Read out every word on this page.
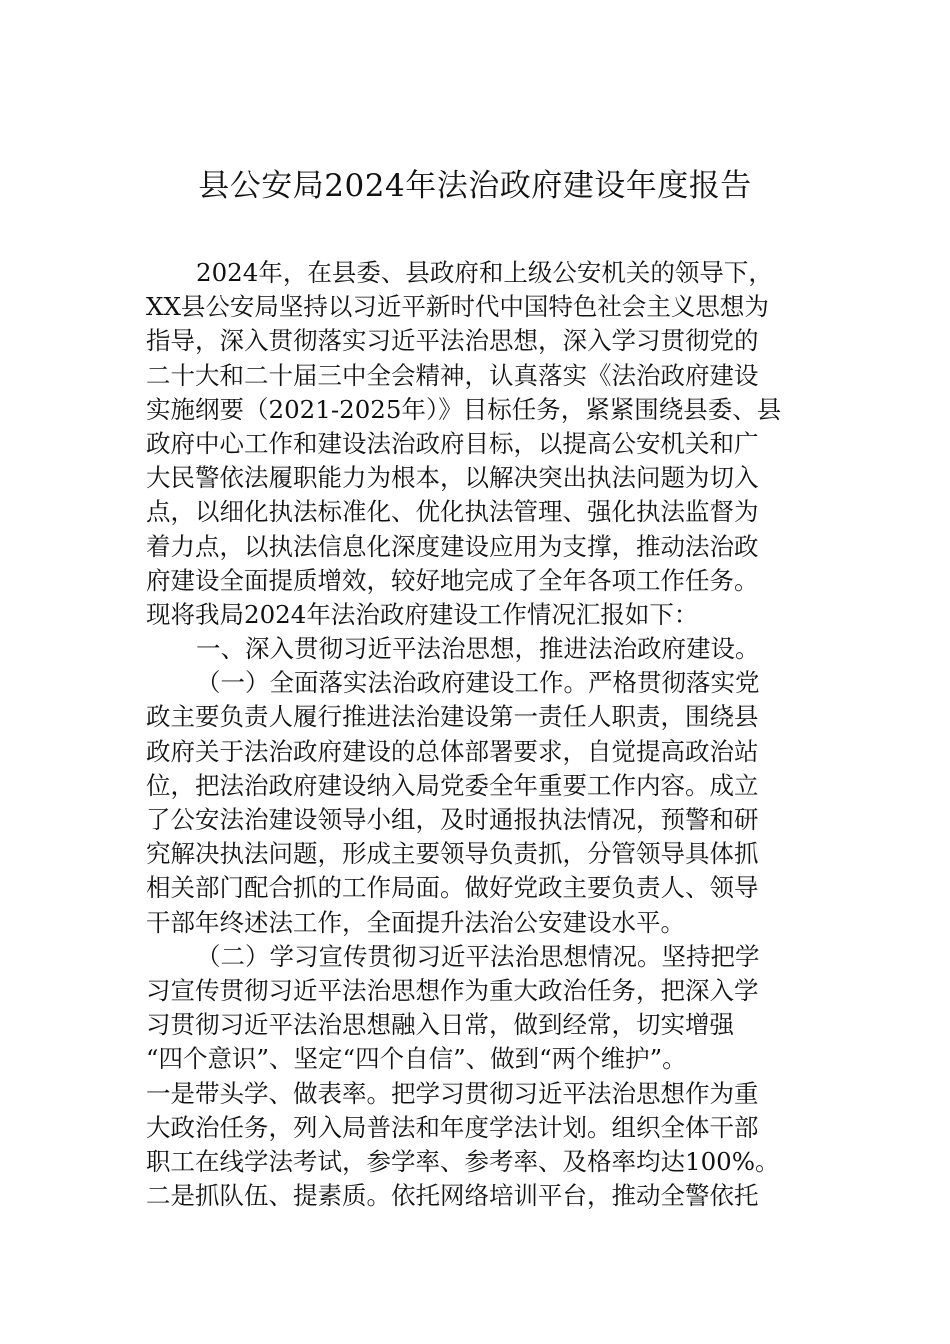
县公安局2024年法治政府建设年度报告
2024年，在县委、县政府和上级公安机关的领导下，
XX县公安局坚持以习近平新时代中国特色社会主义思想为
指导，深入贯彻落实习近平法治思想，深入学习贯彻党的
二十大和二十届三中全会精神，认真落实《法治政府建设
实施纲要（2021-2025年）》目标任务，紧紧围绕县委、县
政府中心工作和建设法治政府目标，以提高公安机关和广
大民警依法履职能力为根本，以解决突出执法问题为切入
点，以细化执法标准化、优化执法管理、强化执法监督为
着力点，以执法信息化深度建设应用为支撑，推动法治政
府建设全面提质增效，较好地完成了全年各项工作任务。
现将我局2024年法治政府建设工作情况汇报如下：
一、深入贯彻习近平法治思想，推进法治政府建设。
（一）全面落实法治政府建设工作。严格贯彻落实党
政主要负责人履行推进法治建设第一责任人职责，围绕县
政府关于法治政府建设的总体部署要求，自觉提高政治站
位，把法治政府建设纳入局党委全年重要工作内容。成立
了公安法治建设领导小组，及时通报执法情况，预警和研
究解决执法问题，形成主要领导负责抓，分管领导具体抓
相关部门配合抓的工作局面。做好党政主要负责人、领导
干部年终述法工作，全面提升法治公安建设水平。
（二）学习宣传贯彻习近平法治思想情况。坚持把学
习宣传贯彻习近平法治思想作为重大政治任务，把深入学
习贯彻习近平法治思想融入日常，做到经常，切实增强
“四个意识”、坚定“四个自信”、做到“两个维护”。
一是带头学、做表率。把学习贯彻习近平法治思想作为重
大政治任务，列入局普法和年度学法计划。组织全体干部
职工在线学法考试，参学率、参考率、及格率均达100%。
二是抓队伍、提素质。依托网络培训平台，推动全警依托
